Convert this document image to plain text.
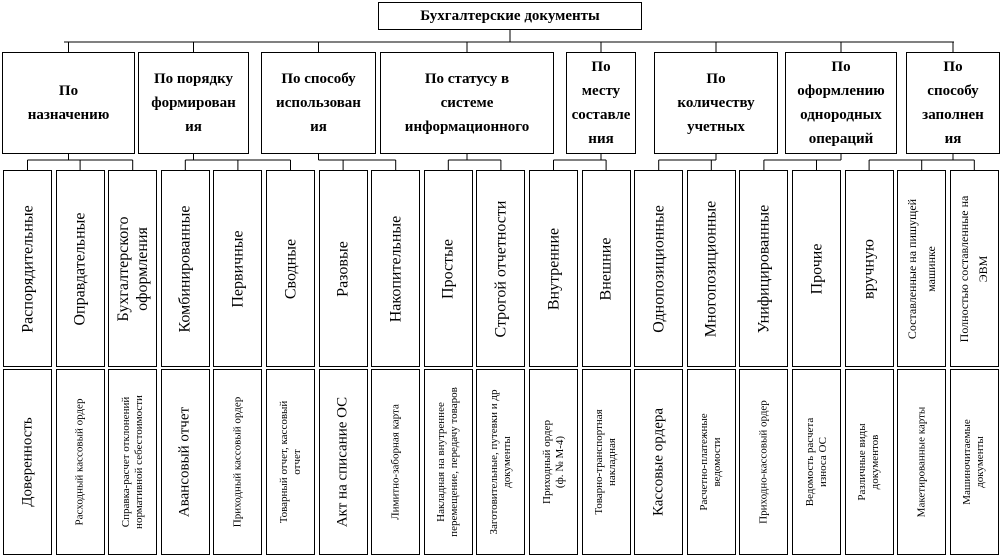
Бухгалтерские документы
По
назначению
Распорядительные
Доверенность
Оправдательные
Расходный кассовый ордер
Бухгалтерского оформления
Справка-расчет отклонений
нормативной себестоимости
По порядку
формирован
ия
Комбинированные
Авансовый отчет
Первичные
Приходный кассовый ордер
Сводные
Товарный отчет, кассовый
отчет
По способу
использован
ия
Разовые
Акт на списание ОС
Накопительные
Лимитно-заборная карта
По статусу в
системе
информационного
Простые
Накладная на внутреннее
перемещение, передачу товаров
Строгой отчетности
Заготовительные, путевки и др
документы
По
месту
составле
ния
Внутренние
Приходный ордер
(ф. № М-4)
Внешние
Товарно-транспортная
накладная
По
количеству
учетных
Однопозиционные
Кассовые ордера
Многопозиционные
Расчетно-платежные
ведомости
По
оформлению
однородных
операций
Унифицированные
Приходно-кассовый ордер
Прочие
Ведомость расчета
износа ОС
По
способу
заполнен
ия
вручную
Различные виды
документов
Составленные на пишущей машинке
Макетированные карты
Полностью составленные на ЭВМ
Машиночитаемые
документы
